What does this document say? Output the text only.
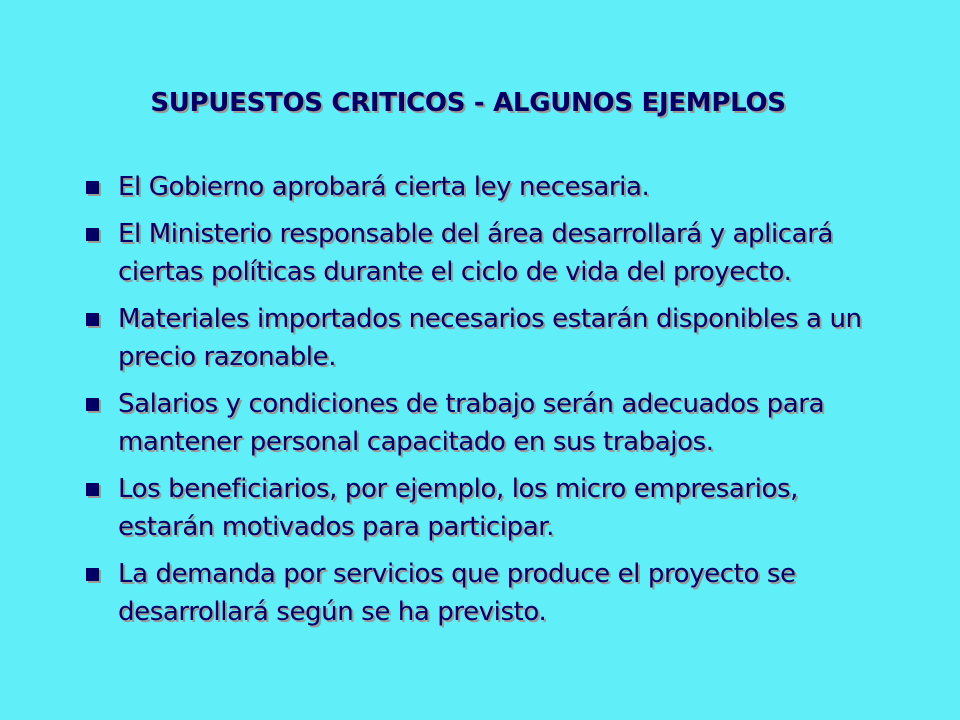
SUPUESTOS CRITICOS - ALGUNOS EJEMPLOS
El Gobierno aprobará cierta ley necesaria.
El Ministerio responsable del área desarrollará y aplicará ciertas políticas durante el ciclo de vida del proyecto.
Materiales importados necesarios estarán disponibles a un precio razonable.
Salarios y condiciones de trabajo serán adecuados para mantener personal capacitado en sus trabajos.
Los beneficiarios, por ejemplo, los micro empresarios, estarán motivados para participar.
La demanda por servicios que produce el proyecto se desarrollará según se ha previsto.
